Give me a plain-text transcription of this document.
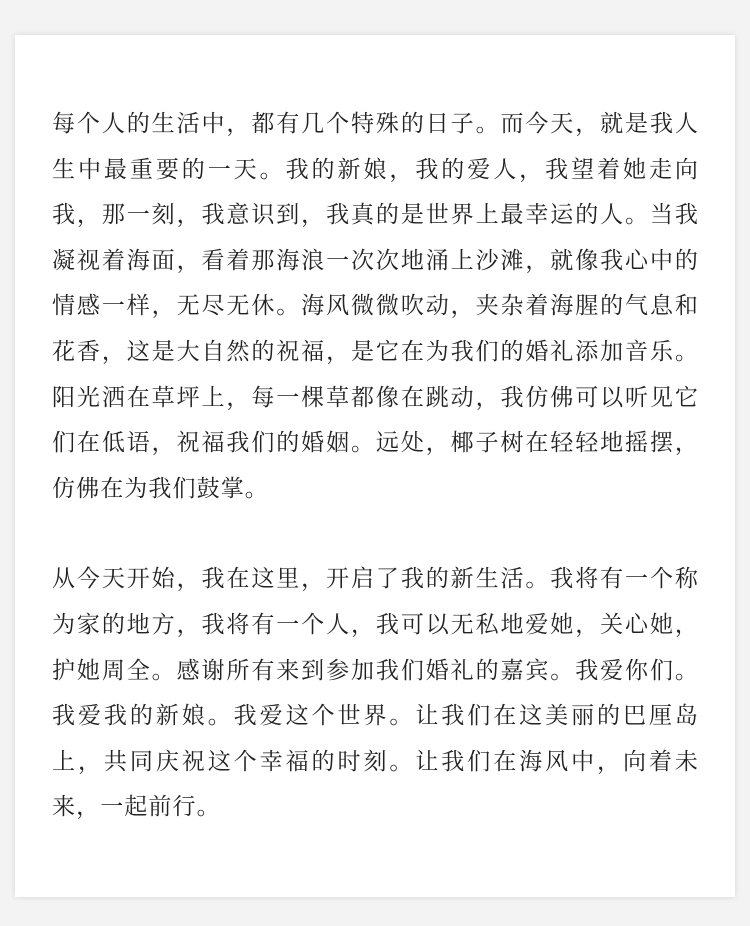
每个人的生活中，都有几个特殊的日子。而今天，就是我人生中最重要的一天。我的新娘，我的爱人，我望着她走向我，那一刻，我意识到，我真的是世界上最幸运的人。当我凝视着海面，看着那海浪一次次地涌上沙滩，就像我心中的情感一样，无尽无休。海风微微吹动，夹杂着海腥的气息和花香，这是大自然的祝福，是它在为我们的婚礼添加音乐。阳光洒在草坪上，每一棵草都像在跳动，我仿佛可以听见它们在低语，祝福我们的婚姻。远处，椰子树在轻轻地摇摆，仿佛在为我们鼓掌。

从今天开始，我在这里，开启了我的新生活。我将有一个称为家的地方，我将有一个人，我可以无私地爱她，关心她，护她周全。感谢所有来到参加我们婚礼的嘉宾。我爱你们。我爱我的新娘。我爱这个世界。让我们在这美丽的巴厘岛上，共同庆祝这个幸福的时刻。让我们在海风中，向着未来，一起前行。
